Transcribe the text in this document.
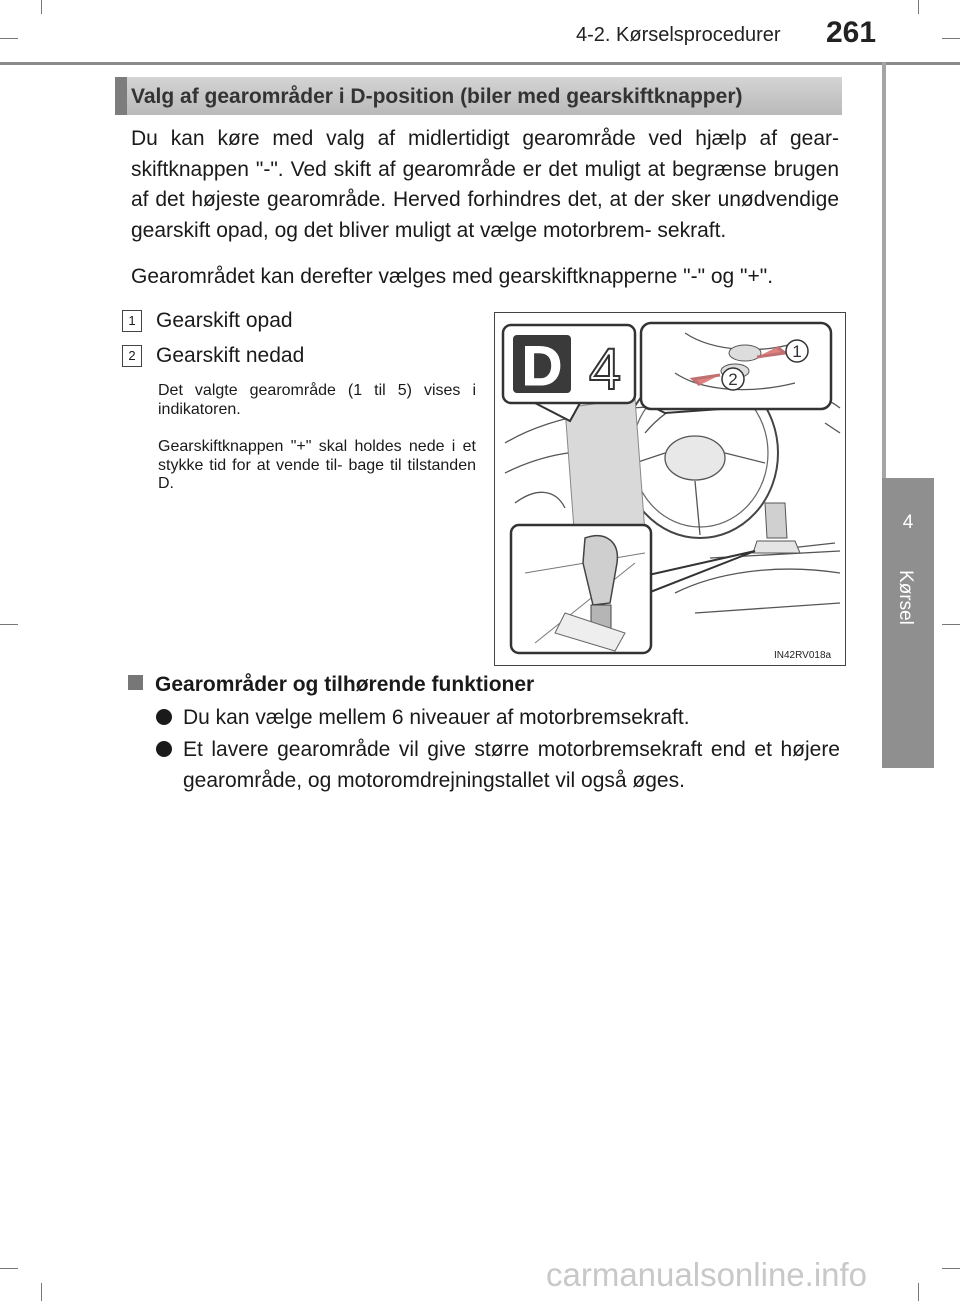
4-2. Kørselsprocedurer 261
4
Kørsel
Valg af gearområder i D-position (biler med gearskiftknapper)

Du kan køre med valg af midlertidigt gearområde ved hjælp af gear- skiftknappen "-". Ved skift af gearområde er det muligt at begrænse brugen af det højeste gearområde. Herved forhindres det, at der sker unødvendige gearskift opad, og det bliver muligt at vælge motorbrem- sekraft.

Gearområdet kan derefter vælges med gearskiftknapperne "-" og "+".

1 Gearskift opad
2 Gearskift nedad

Det valgte gearområde (1 til 5) vises i indikatoren.

Gearskiftknappen "+" skal holdes nede i et stykke tid for at vende til- bage til tilstanden D.

D 4	1
2
IN42RV018a
Gearområder og tilhørende funktioner
Du kan vælge mellem 6 niveauer af motorbremsekraft.
Et lavere gearområde vil give større motorbremsekraft end et højere gearområde, og motoromdrejningstallet vil også øges.
carmanualsonline.info
